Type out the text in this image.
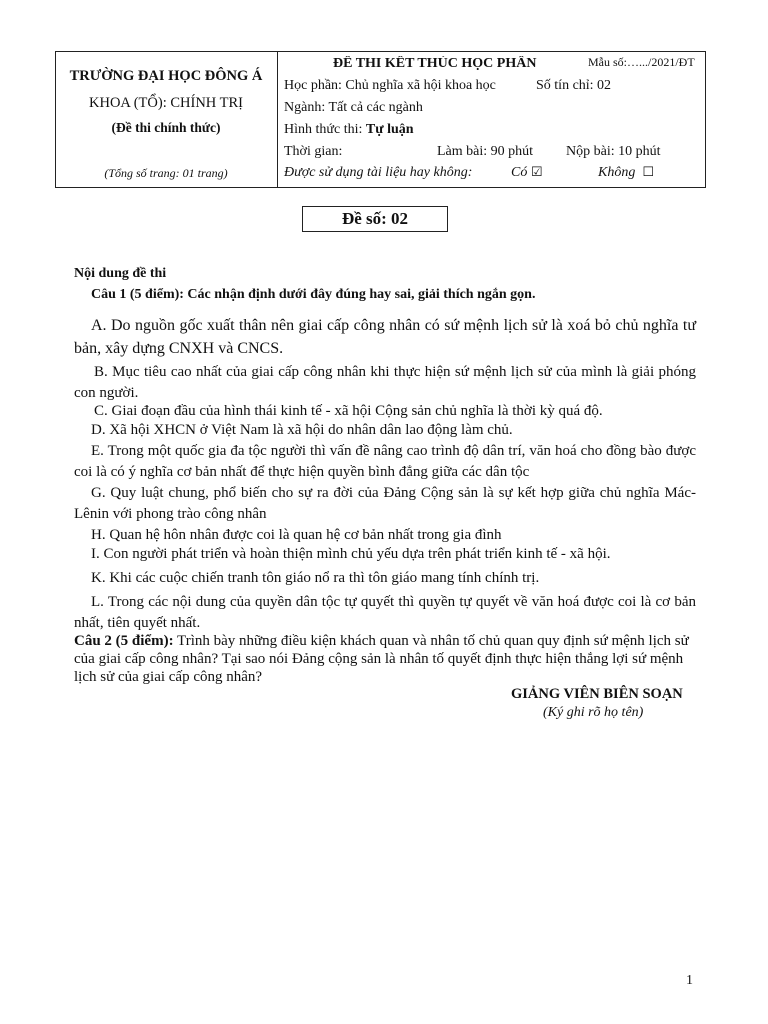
TRƯỜNG ĐẠI HỌC ĐÔNG Á
KHOA (TỔ): CHÍNH TRỊ
(Đề thi chính thức)
(Tổng số trang: 01 trang)
ĐỀ THI KẾT THÚC HỌC PHẦN	Mẫu số:….../2021/ĐT
Học phần: Chủ nghĩa xã hội khoa học	Số tín chỉ: 02
Ngành: Tất cả các ngành
Hình thức thi: Tự luận
Thời gian:	Làm bài: 90 phút Nộp bài: 10 phút
Được sử dụng tài liệu hay không:	Có ☑	Không ☐
Đề số: 02
Nội dung đề thi
Câu 1 (5 điểm): Các nhận định dưới đây đúng hay sai, giải thích ngắn gọn.
A. Do nguồn gốc xuất thân nên giai cấp công nhân có sứ mệnh lịch sử là xoá bỏ chủ nghĩa tư bản, xây dựng CNXH và CNCS.
B. Mục tiêu cao nhất của giai cấp công nhân khi thực hiện sứ mệnh lịch sử của mình là giải phóng con người.
C. Giai đoạn đầu của hình thái kinh tế - xã hội Cộng sản chủ nghĩa là thời kỳ quá độ.
D. Xã hội XHCN ở Việt Nam là xã hội do nhân dân lao động làm chủ.
E. Trong một quốc gia đa tộc người thì vấn đề nâng cao trình độ dân trí, văn hoá cho đồng bào được coi là có ý nghĩa cơ bản nhất để thực hiện quyền bình đẳng giữa các dân tộc
G. Quy luật chung, phổ biến cho sự ra đời của Đảng Cộng sản là sự kết hợp giữa chủ nghĩa Mác-Lênin với phong trào công nhân
H. Quan hệ hôn nhân được coi là quan hệ cơ bản nhất trong gia đình
I. Con người phát triển và hoàn thiện mình chủ yếu dựa trên phát triển kinh tế - xã hội.
K. Khi các cuộc chiến tranh tôn giáo nổ ra thì tôn giáo mang tính chính trị.
L. Trong các nội dung của quyền dân tộc tự quyết thì quyền tự quyết về văn hoá được coi là cơ bản nhất, tiên quyết nhất.
Câu 2 (5 điểm): Trình bày những điều kiện khách quan và nhân tố chủ quan quy định sứ mệnh lịch sử của giai cấp công nhân? Tại sao nói Đảng cộng sản là nhân tố quyết định thực hiện thắng lợi sứ mệnh lịch sử của giai cấp công nhân?
GIẢNG VIÊN BIÊN SOẠN
(Ký ghi rõ họ tên)
1
